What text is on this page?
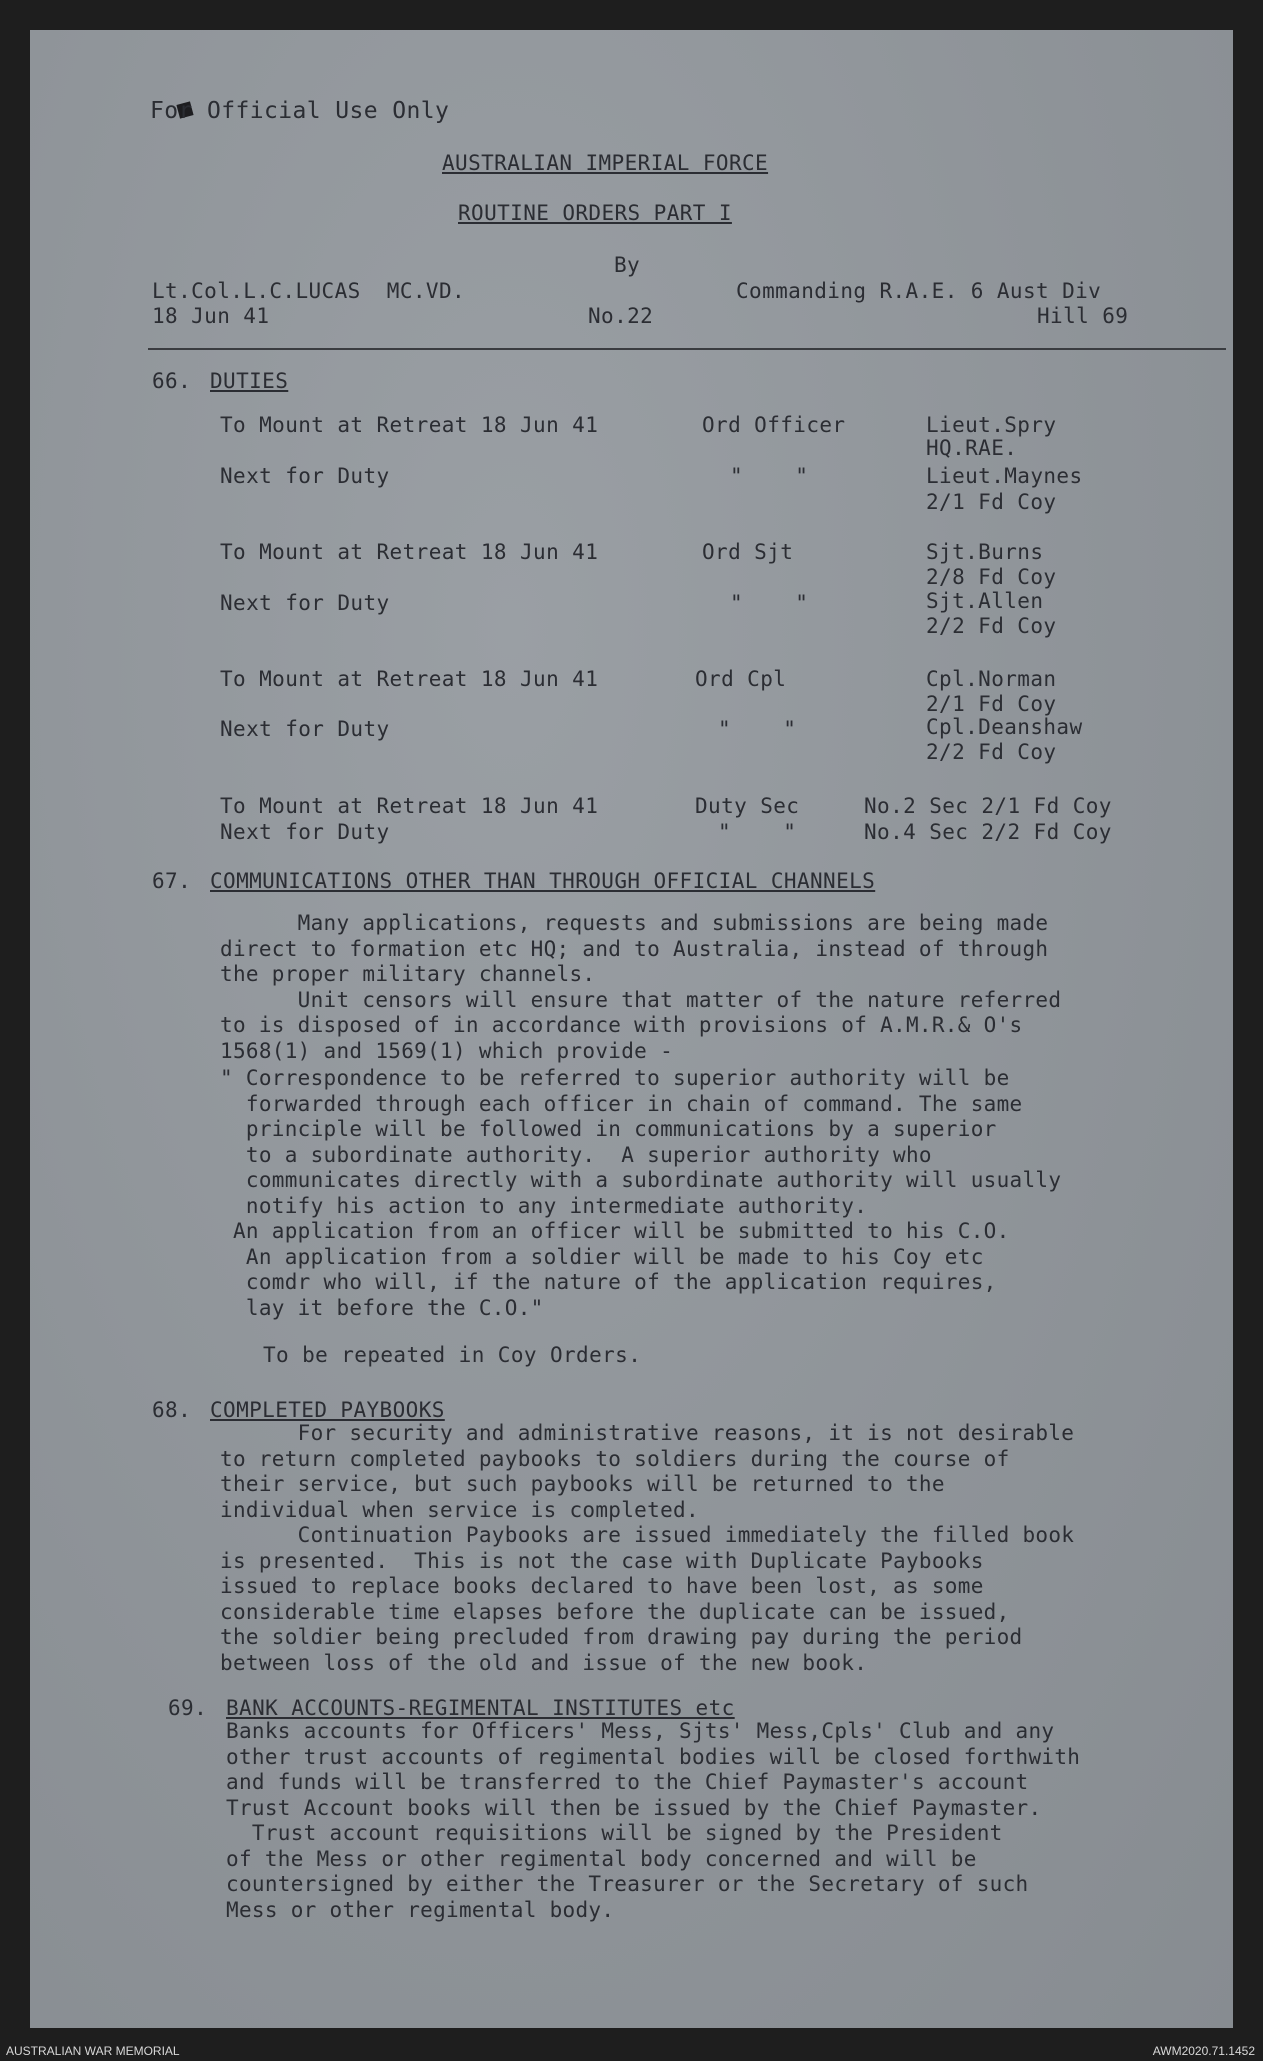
For Official Use Only
AUSTRALIAN IMPERIAL FORCE
ROUTINE ORDERS PART I
By
Lt.Col.L.C.LUCAS  MC.VD.	Commanding R.A.E. 6 Aust Div
18 Jun 41	No.22	Hill 69
66. DUTIES
To Mount at Retreat 18 Jun 41	Ord Officer	Lieut.Spry
HQ.RAE.
Next for Duty	"    "	Lieut.Maynes
2/1 Fd Coy
To Mount at Retreat 18 Jun 41	Ord Sjt	Sjt.Burns
2/8 Fd Coy
Next for Duty	"    "	Sjt.Allen
2/2 Fd Coy
To Mount at Retreat 18 Jun 41	Ord Cpl	Cpl.Norman
2/1 Fd Coy
Next for Duty	"    "	Cpl.Deanshaw
2/2 Fd Coy
To Mount at Retreat 18 Jun 41	Duty Sec	No.2 Sec 2/1 Fd Coy
Next for Duty	"    "	No.4 Sec 2/2 Fd Coy
67. COMMUNICATIONS OTHER THAN THROUGH OFFICIAL CHANNELS
Many applications, requests and submissions are being made
direct to formation etc HQ; and to Australia, instead of through
the proper military channels.
Unit censors will ensure that matter of the nature referred
to is disposed of in accordance with provisions of A.M.R.& O's
1568(1) and 1569(1) which provide -
" Correspondence to be referred to superior authority will be
forwarded through each officer in chain of command. The same
principle will be followed in communications by a superior
to a subordinate authority.  A superior authority who
communicates directly with a subordinate authority will usually
notify his action to any intermediate authority.
An application from an officer will be submitted to his C.O.
An application from a soldier will be made to his Coy etc
comdr who will, if the nature of the application requires,
lay it before the C.O."
To be repeated in Coy Orders.
68. COMPLETED PAYBOOKS
For security and administrative reasons, it is not desirable
to return completed paybooks to soldiers during the course of
their service, but such paybooks will be returned to the
individual when service is completed.
Continuation Paybooks are issued immediately the filled book
is presented.  This is not the case with Duplicate Paybooks
issued to replace books declared to have been lost, as some
considerable time elapses before the duplicate can be issued,
the soldier being precluded from drawing pay during the period
between loss of the old and issue of the new book.
69. BANK ACCOUNTS-REGIMENTAL INSTITUTES etc
Banks accounts for Officers' Mess, Sjts' Mess,Cpls' Club and any
other trust accounts of regimental bodies will be closed forthwith
and funds will be transferred to the Chief Paymaster's account
Trust Account books will then be issued by the Chief Paymaster.
Trust account requisitions will be signed by the President
of the Mess or other regimental body concerned and will be
countersigned by either the Treasurer or the Secretary of such
Mess or other regimental body.
AUSTRALIAN WAR MEMORIAL	AWM2020.71.1452
